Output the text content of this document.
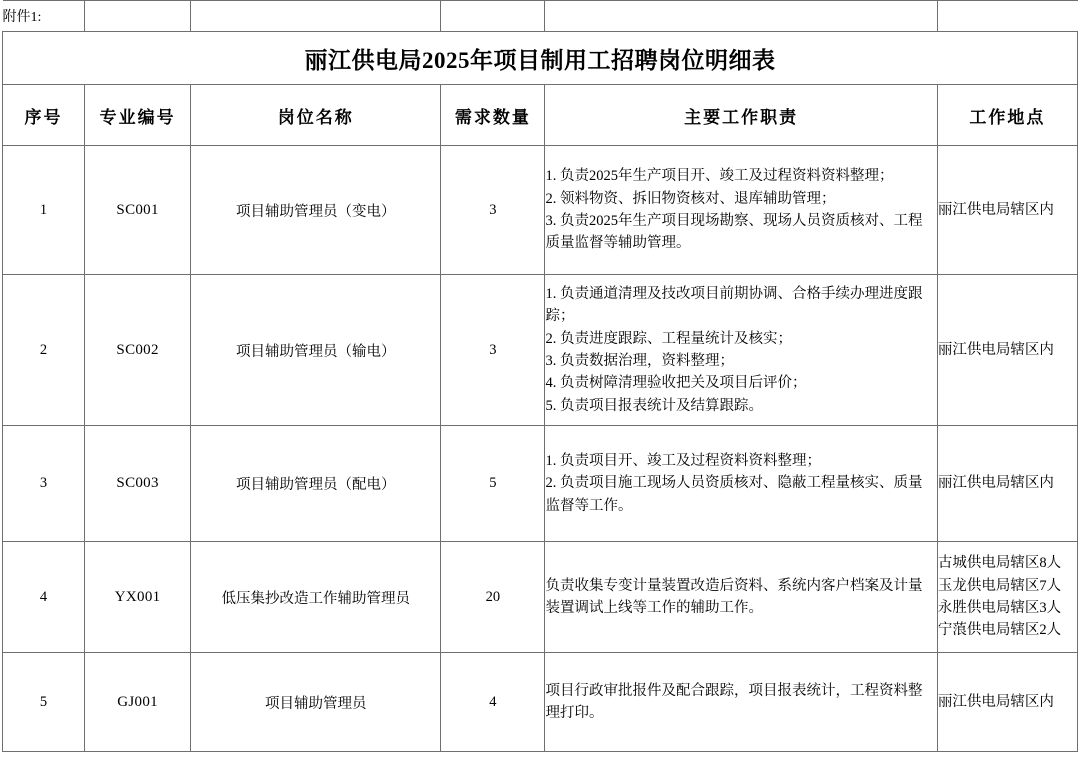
附件1:					
丽江供电局2025年项目制用工招聘岗位明细表					
序号	专业编号	岗位名称	需求数量	主要工作职责	工作地点
1	SC001	项目辅助管理员（变电）	3	1. 负责2025年生产项目开、竣工及过程资料资料整理；
2. 领料物资、拆旧物资核对、退库辅助管理；
3. 负责2025年生产项目现场勘察、现场人员资质核对、工程质量监督等辅助管理。	丽江供电局辖区内

2	SC002	项目辅助管理员（输电）	3	1. 负责通道清理及技改项目前期协调、合格手续办理进度跟踪；
2. 负责进度跟踪、工程量统计及核实；
3. 负责数据治理，资料整理；
4. 负责树障清理验收把关及项目后评价；
5. 负责项目报表统计及结算跟踪。	丽江供电局辖区内

3	SC003	项目辅助管理员（配电）	5	1. 负责项目开、竣工及过程资料资料整理；
2. 负责项目施工现场人员资质核对、隐蔽工程量核实、质量监督等工作。	丽江供电局辖区内

4	YX001	低压集抄改造工作辅助管理员	20	负责收集专变计量装置改造后资料、系统内客户档案及计量装置调试上线等工作的辅助工作。	古城供电局辖区8人
玉龙供电局辖区7人
永胜供电局辖区3人
宁蒗供电局辖区2人

5	GJ001	项目辅助管理员	4	项目行政审批报件及配合跟踪，项目报表统计，工程资料整理打印。	丽江供电局辖区内
